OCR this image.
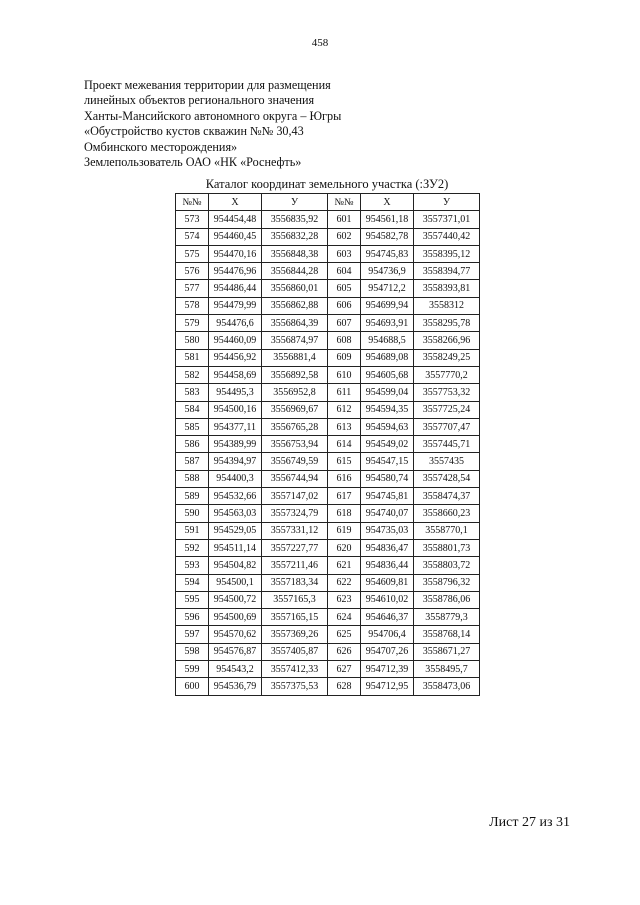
458
Проект межевания территории для размещения
линейных объектов регионального значения
Ханты-Мансийского автономного округа – Югры
«Обустройство кустов скважин №№ 30,43
Омбинского месторождения»
Землепользователь ОАО «НК «Роснефть»
Каталог координат земельного участка (:ЗУ2)
№№	X	У	№№	X	У
573	954454,48	3556835,92	601	954561,18	3557371,01
574	954460,45	3556832,28	602	954582,78	3557440,42
575	954470,16	3556848,38	603	954745,83	3558395,12
576	954476,96	3556844,28	604	954736,9	3558394,77
577	954486,44	3556860,01	605	954712,2	3558393,81
578	954479,99	3556862,88	606	954699,94	3558312
579	954476,6	3556864,39	607	954693,91	3558295,78
580	954460,09	3556874,97	608	954688,5	3558266,96
581	954456,92	3556881,4	609	954689,08	3558249,25
582	954458,69	3556892,58	610	954605,68	3557770,2
583	954495,3	3556952,8	611	954599,04	3557753,32
584	954500,16	3556969,67	612	954594,35	3557725,24
585	954377,11	3556765,28	613	954594,63	3557707,47
586	954389,99	3556753,94	614	954549,02	3557445,71
587	954394,97	3556749,59	615	954547,15	3557435
588	954400,3	3556744,94	616	954580,74	3557428,54
589	954532,66	3557147,02	617	954745,81	3558474,37
590	954563,03	3557324,79	618	954740,07	3558660,23
591	954529,05	3557331,12	619	954735,03	3558770,1
592	954511,14	3557227,77	620	954836,47	3558801,73
593	954504,82	3557211,46	621	954836,44	3558803,72
594	954500,1	3557183,34	622	954609,81	3558796,32
595	954500,72	3557165,3	623	954610,02	3558786,06
596	954500,69	3557165,15	624	954646,37	3558779,3
597	954570,62	3557369,26	625	954706,4	3558768,14
598	954576,87	3557405,87	626	954707,26	3558671,27
599	954543,2	3557412,33	627	954712,39	3558495,7
600	954536,79	3557375,53	628	954712,95	3558473,06
Лист 27 из 31
